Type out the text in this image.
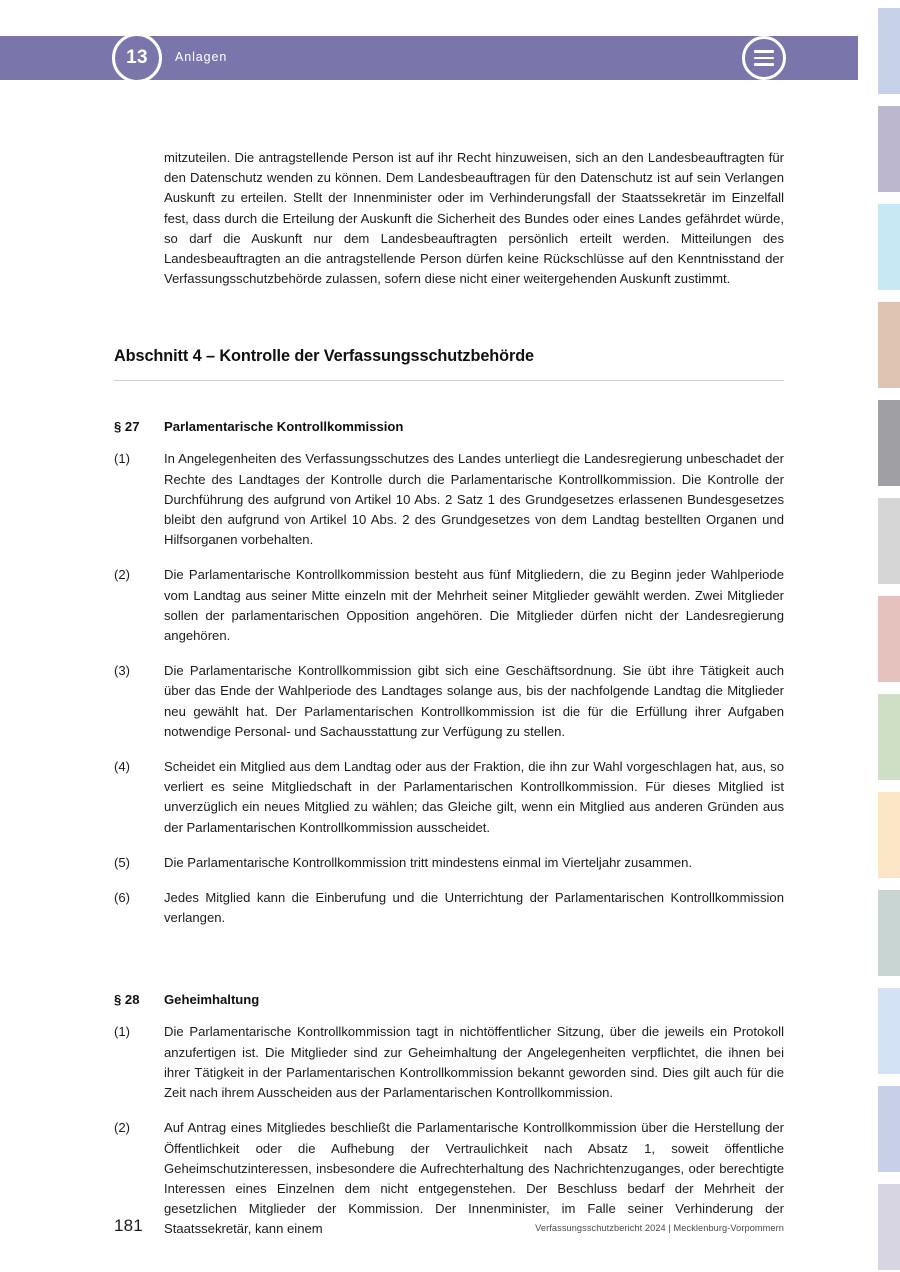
13 Anlagen

mitzuteilen. Die antragstellende Person ist auf ihr Recht hinzuweisen, sich an den Landesbeauftragten für den Datenschutz wenden zu können. Dem Landesbeauftragen für den Datenschutz ist auf sein Verlangen Auskunft zu erteilen. Stellt der Innenminister oder im Verhinderungsfall der Staatssekretär im Einzelfall fest, dass durch die Erteilung der Auskunft die Sicherheit des Bundes oder eines Landes gefährdet würde, so darf die Auskunft nur dem Landesbeauftragten persönlich erteilt werden. Mitteilungen des Landesbeauftragten an die antragstellende Person dürfen keine Rückschlüsse auf den Kenntnisstand der Verfassungsschutzbehörde zulassen, sofern diese nicht einer weitergehenden Auskunft zustimmt.

Abschnitt 4 – Kontrolle der Verfassungsschutzbehörde
§ 27	Parlamentarische Kontrollkommission
(1)	In Angelegenheiten des Verfassungsschutzes des Landes unterliegt die Landesregierung unbeschadet der Rechte des Landtages der Kontrolle durch die Parlamentarische Kontrollkommission. Die Kontrolle der Durchführung des aufgrund von Artikel 10 Abs. 2 Satz 1 des Grundgesetzes erlassenen Bundesgesetzes bleibt den aufgrund von Artikel 10 Abs. 2 des Grundgesetzes von dem Landtag bestellten Organen und Hilfsorganen vorbehalten.
(2)	Die Parlamentarische Kontrollkommission besteht aus fünf Mitgliedern, die zu Beginn jeder Wahlperiode vom Landtag aus seiner Mitte einzeln mit der Mehrheit seiner Mitglieder gewählt werden. Zwei Mitglieder sollen der parlamentarischen Opposition angehören. Die Mitglieder dürfen nicht der Landesregierung angehören.
(3)	Die Parlamentarische Kontrollkommission gibt sich eine Geschäftsordnung. Sie übt ihre Tätigkeit auch über das Ende der Wahlperiode des Landtages solange aus, bis der nachfolgende Landtag die Mitglieder neu gewählt hat. Der Parlamentarischen Kontrollkommission ist die für die Erfüllung ihrer Aufgaben notwendige Personal- und Sachausstattung zur Verfügung zu stellen.
(4)	Scheidet ein Mitglied aus dem Landtag oder aus der Fraktion, die ihn zur Wahl vorgeschlagen hat, aus, so verliert es seine Mitgliedschaft in der Parlamentarischen Kontrollkommission. Für dieses Mitglied ist unverzüglich ein neues Mitglied zu wählen; das Gleiche gilt, wenn ein Mitglied aus anderen Gründen aus der Parlamentarischen Kontrollkommission ausscheidet.
(5)	Die Parlamentarische Kontrollkommission tritt mindestens einmal im Vierteljahr zusammen.
(6)	Jedes Mitglied kann die Einberufung und die Unterrichtung der Parlamentarischen Kontrollkommission verlangen.
§ 28	Geheimhaltung
(1)	Die Parlamentarische Kontrollkommission tagt in nichtöffentlicher Sitzung, über die jeweils ein Protokoll anzufertigen ist. Die Mitglieder sind zur Geheimhaltung der Angelegenheiten verpflichtet, die ihnen bei ihrer Tätigkeit in der Parlamentarischen Kontrollkommission bekannt geworden sind. Dies gilt auch für die Zeit nach ihrem Ausscheiden aus der Parlamentarischen Kontrollkommission.
(2)	Auf Antrag eines Mitgliedes beschließt die Parlamentarische Kontrollkommission über die Herstellung der Öffentlichkeit oder die Aufhebung der Vertraulichkeit nach Absatz 1, soweit öffentliche Geheimschutzinteressen, insbesondere die Aufrechterhaltung des Nachrichtenzuganges, oder berechtigte Interessen eines Einzelnen dem nicht entgegenstehen. Der Beschluss bedarf der Mehrheit der gesetzlichen Mitglieder der Kommission. Der Innenminister, im Falle seiner Verhinderung der Staatssekretär, kann einem
181	Verfassungsschutzbericht 2024 | Mecklenburg-Vorpommern
